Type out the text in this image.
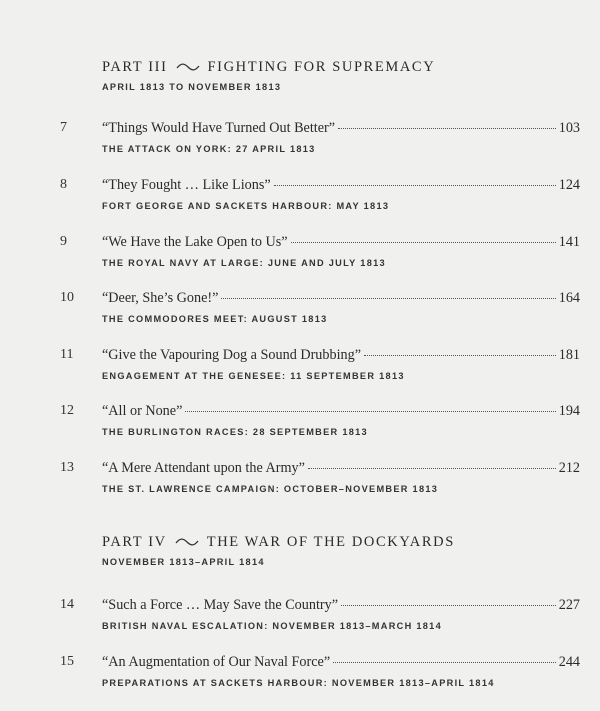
PART III	FIGHTING FOR SUPREMACY
APRIL 1813 TO NOVEMBER 1813
7	“Things Would Have Turned Out Better”	103
THE ATTACK ON YORK: 27 APRIL 1813
8	“They Fought … Like Lions”	124
FORT GEORGE AND SACKETS HARBOUR: MAY 1813
9	“We Have the Lake Open to Us”	141
THE ROYAL NAVY AT LARGE: JUNE AND JULY 1813
10	“Deer, She’s Gone!”	164
THE COMMODORES MEET: AUGUST 1813
11	“Give the Vapouring Dog a Sound Drubbing”	181
ENGAGEMENT AT THE GENESEE: 11 SEPTEMBER 1813
12	“All or None”	194
THE BURLINGTON RACES: 28 SEPTEMBER 1813
13	“A Mere Attendant upon the Army”	212
THE ST. LAWRENCE CAMPAIGN: OCTOBER–NOVEMBER 1813
PART IV	THE WAR OF THE DOCKYARDS
NOVEMBER 1813–APRIL 1814
14	“Such a Force … May Save the Country”	227
BRITISH NAVAL ESCALATION: NOVEMBER 1813–MARCH 1814
15	“An Augmentation of Our Naval Force”	244
PREPARATIONS AT SACKETS HARBOUR: NOVEMBER 1813–APRIL 1814
